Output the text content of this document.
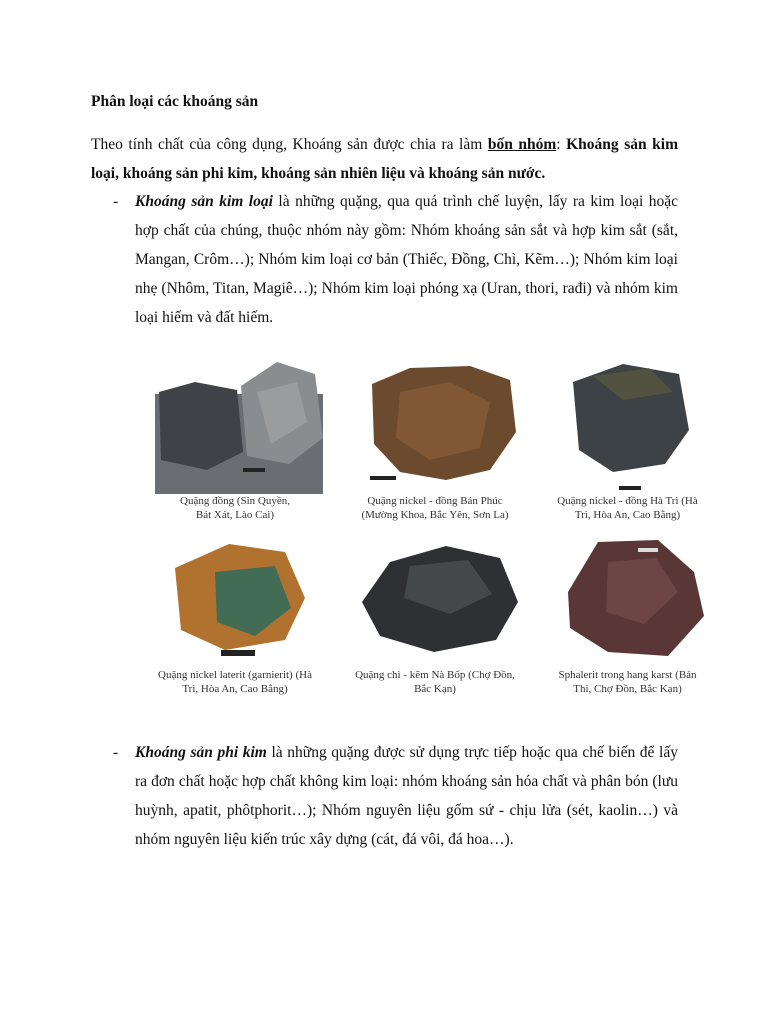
Phân loại các khoáng sản

Theo tính chất của công dụng, Khoáng sản được chia ra làm bốn nhóm: Khoáng sản kim loại, khoáng sản phi kim, khoáng sản nhiên liệu và khoáng sản nước.

- Khoáng sản kim loại là những quặng, qua quá trình chế luyện, lấy ra kim loại hoặc hợp chất của chúng, thuộc nhóm này gồm: Nhóm khoáng sản sắt và hợp kim sắt (sắt, Mangan, Crôm…); Nhóm kim loại cơ bản (Thiếc, Đồng, Chì, Kẽm…); Nhóm kim loại nhẹ (Nhôm, Titan, Magiê…); Nhóm kim loại phóng xạ (Uran, thori, rađi) và nhóm kim loại hiếm và đất hiếm.
Quặng đồng (Sin Quyền,
Bát Xát, Lào Cai)
Quặng nickel - đồng Bản Phúc
(Mường Khoa, Bắc Yên, Sơn La)
Quặng nickel - đồng Hà Trì (Hà
Trì, Hòa An, Cao Bằng)
Quặng nickel laterit (garnierit) (Hà
Trì, Hòa An, Cao Bằng)
Quặng chì - kẽm Nà Bốp (Chợ Đồn,
Bắc Kạn)
Sphalerit trong hang karst (Bản
Thi, Chợ Đồn, Bắc Kạn)
- Khoáng sản phi kim là những quặng được sử dụng trực tiếp hoặc qua chế biến để lấy ra đơn chất hoặc hợp chất không kim loại: nhóm khoáng sản hóa chất và phân bón (lưu huỳnh, apatit, phôtphorit…); Nhóm nguyên liệu gốm sứ - chịu lửa (sét, kaolin…) và nhóm nguyên liệu kiến trúc xây dựng (cát, đá vôi, đá hoa…).
